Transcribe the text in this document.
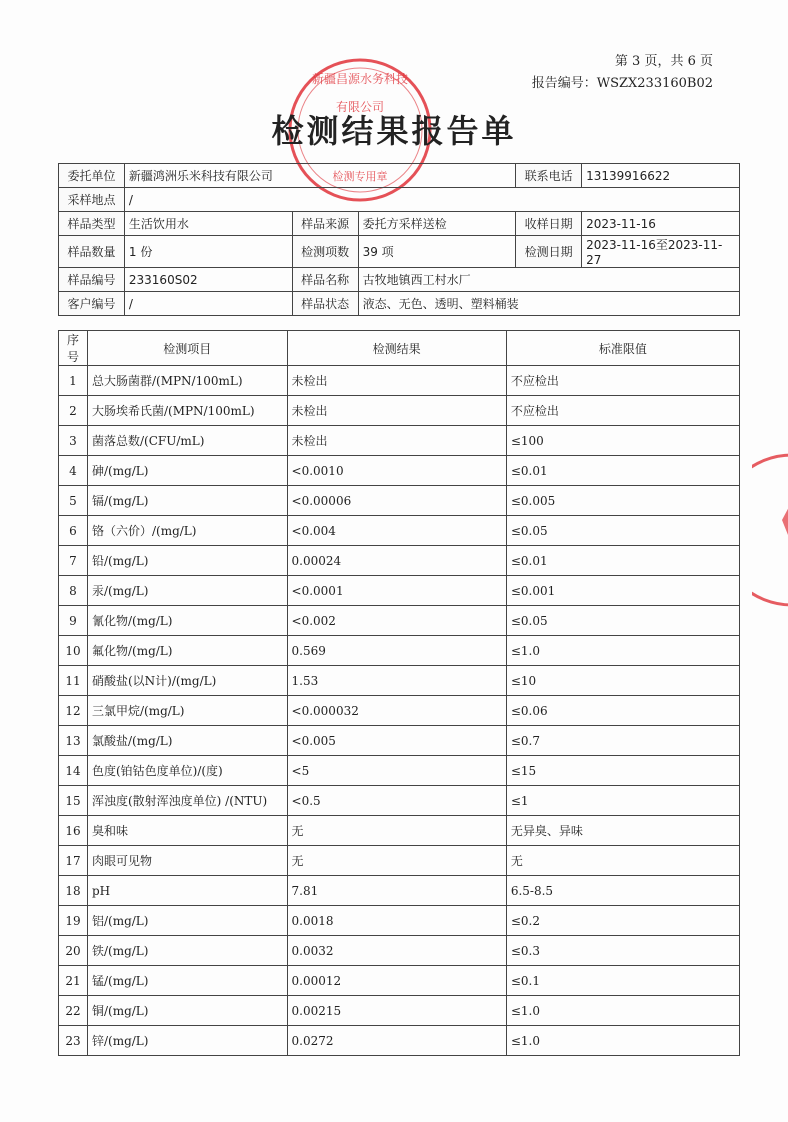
第 3 页，共 6 页
报告编号：WSZX233160B02
新疆昌源水务科技
有限公司
检测专用章
检测结果报告单
委托单位	新疆鸿洲乐米科技有限公司			联系电话	13139916622
采样地点	/				
样品类型	生活饮用水	样品来源	委托方采样送检	收样日期	2023-11-16
样品数量	1 份	检测项数	39 项	检测日期	2023-11-16至2023-11-27
样品编号	233160S02	样品名称	古牧地镇西工村水厂		
客户编号	/	样品状态	液态、无色、透明、塑料桶装		
序号	检测项目	检测结果	标准限值
1	总大肠菌群/(MPN/100mL)	未检出	不应检出
2	大肠埃希氏菌/(MPN/100mL)	未检出	不应检出
3	菌落总数/(CFU/mL)	未检出	≤100
4	砷/(mg/L)	<0.0010	≤0.01
5	镉/(mg/L)	<0.00006	≤0.005
6	铬（六价）/(mg/L)	<0.004	≤0.05
7	铅/(mg/L)	0.00024	≤0.01
8	汞/(mg/L)	<0.0001	≤0.001
9	氰化物/(mg/L)	<0.002	≤0.05
10	氟化物/(mg/L)	0.569	≤1.0
11	硝酸盐(以N计)/(mg/L)	1.53	≤10
12	三氯甲烷/(mg/L)	<0.000032	≤0.06
13	氯酸盐/(mg/L)	<0.005	≤0.7
14	色度(铂钴色度单位)/(度)	<5	≤15
15	浑浊度(散射浑浊度单位) /(NTU)	<0.5	≤1
16	臭和味	无	无异臭、异味
17	肉眼可见物	无	无
18	pH	7.81	6.5-8.5
19	铝/(mg/L)	0.0018	≤0.2
20	铁/(mg/L)	0.0032	≤0.3
21	锰/(mg/L)	0.00012	≤0.1
22	铜/(mg/L)	0.00215	≤1.0
23	锌/(mg/L)	0.0272	≤1.0
